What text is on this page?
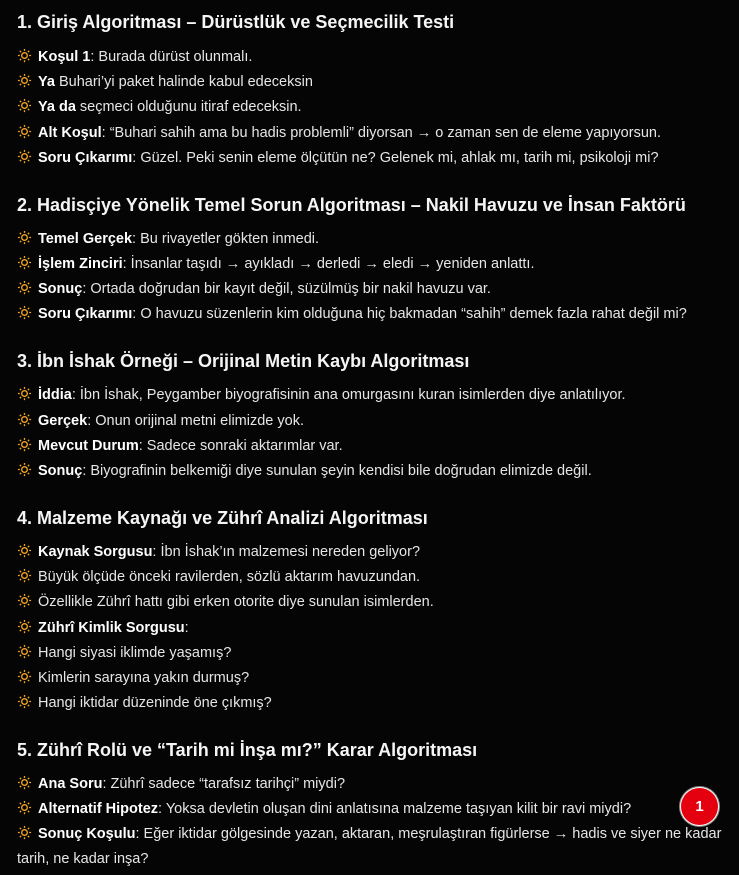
1. Giriş Algoritması – Dürüstlük ve Seçmecilik Testi
Koşul 1: Burada dürüst olunmalı.
Ya Buhari’yi paket halinde kabul edeceksin
Ya da seçmeci olduğunu itiraf edeceksin.
Alt Koşul: “Buhari sahih ama bu hadis problemli” diyorsan → o zaman sen de eleme yapıyorsun.
Soru Çıkarımı: Güzel. Peki senin eleme ölçütün ne? Gelenek mi, ahlak mı, tarih mi, psikoloji mi?
2. Hadisçiye Yönelik Temel Sorun Algoritması – Nakil Havuzu ve İnsan Faktörü
Temel Gerçek: Bu rivayetler gökten inmedi.
İşlem Zinciri: İnsanlar taşıdı → ayıkladı → derledi → eledi → yeniden anlattı.
Sonuç: Ortada doğrudan bir kayıt değil, süzülmüş bir nakil havuzu var.
Soru Çıkarımı: O havuzu süzenlerin kim olduğuna hiç bakmadan “sahih” demek fazla rahat değil mi?
3. İbn İshak Örneği – Orijinal Metin Kaybı Algoritması
İddia: İbn İshak, Peygamber biyografisinin ana omurgasını kuran isimlerden diye anlatılıyor.
Gerçek: Onun orijinal metni elimizde yok.
Mevcut Durum: Sadece sonraki aktarımlar var.
Sonuç: Biyografinin belkemiği diye sunulan şeyin kendisi bile doğrudan elimizde değil.
4. Malzeme Kaynağı ve Zührî Analizi Algoritması
Kaynak Sorgusu: İbn İshak’ın malzemesi nereden geliyor?
Büyük ölçüde önceki ravilerden, sözlü aktarım havuzundan.
Özellikle Zührî hattı gibi erken otorite diye sunulan isimlerden.
Zührî Kimlik Sorgusu:
Hangi siyasi iklimde yaşamış?
Kimlerin sarayına yakın durmuş?
Hangi iktidar düzeninde öne çıkmış?
5. Zührî Rolü ve “Tarih mi İnşa mı?” Karar Algoritması
Ana Soru: Zührî sadece “tarafsız tarihçi” miydi?
Alternatif Hipotez: Yoksa devletin oluşan dini anlatısına malzeme taşıyan kilit bir ravi miydi?
Sonuç Koşulu: Eğer iktidar gölgesinde yazan, aktaran, meşrulaştıran figürlerse → hadis ve siyer ne kadar tarih, ne kadar inşa?
1
